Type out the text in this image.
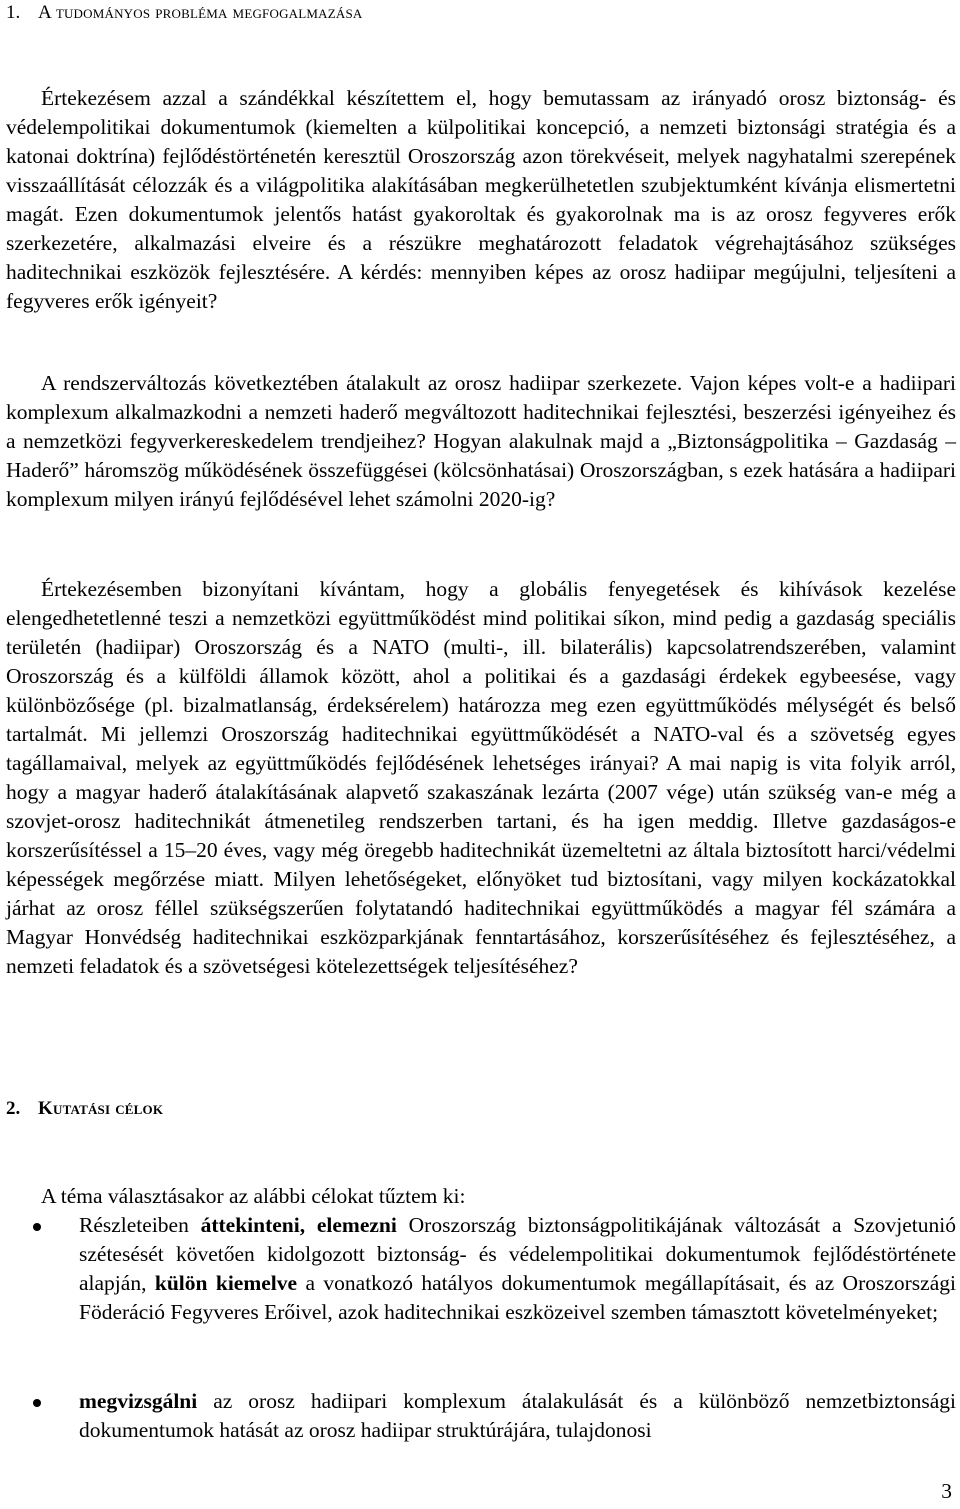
1. A tudományos probléma megfogalmazása

Értekezésem azzal a szándékkal készítettem el, hogy bemutassam az irányadó orosz biztonság- és védelempolitikai dokumentumok (kiemelten a külpolitikai koncepció, a nemzeti biztonsági stratégia és a katonai doktrína) fejlődéstörténetén keresztül Oroszország azon törekvéseit, melyek nagyhatalmi szerepének visszaállítását célozzák és a világpolitika alakításában megkerülhetetlen szubjektumként kívánja elismertetni magát. Ezen dokumentumok jelentős hatást gyakoroltak és gyakorolnak ma is az orosz fegyveres erők szerkezetére, alkalmazási elveire és a részükre meghatározott feladatok végrehajtásához szükséges haditechnikai eszközök fejlesztésére. A kérdés: mennyiben képes az orosz hadiipar megújulni, teljesíteni a fegyveres erők igényeit?

A rendszerváltozás következtében átalakult az orosz hadiipar szerkezete. Vajon képes volt-e a hadiipari komplexum alkalmazkodni a nemzeti haderő megváltozott haditechnikai fejlesztési, beszerzési igényeihez és a nemzetközi fegyverkereskedelem trendjeihez? Hogyan alakulnak majd a „Biztonságpolitika – Gazdaság – Haderő” háromszög működésének összefüggései (kölcsönhatásai) Oroszországban, s ezek hatására a hadiipari komplexum milyen irányú fejlődésével lehet számolni 2020-ig?

Értekezésemben bizonyítani kívántam, hogy a globális fenyegetések és kihívások kezelése elengedhetetlenné teszi a nemzetközi együttműködést mind politikai síkon, mind pedig a gazdaság speciális területén (hadiipar) Oroszország és a NATO (multi-, ill. bilaterális) kapcsolatrendszerében, valamint Oroszország és a külföldi államok között, ahol a politikai és a gazdasági érdekek egybeesése, vagy különbözősége (pl. bizalmatlanság, érdeksérelem) határozza meg ezen együttműködés mélységét és belső tartalmát. Mi jellemzi Oroszország haditechnikai együttműködését a NATO-val és a szövetség egyes tagállamaival, melyek az együttműködés fejlődésének lehetséges irányai? A mai napig is vita folyik arról, hogy a magyar haderő átalakításának alapvető szakaszának lezárta (2007 vége) után szükség van-e még a szovjet-orosz haditechnikát átmenetileg rendszerben tartani, és ha igen meddig. Illetve gazdaságos-e korszerűsítéssel a 15–20 éves, vagy még öregebb haditechnikát üzemeltetni az általa biztosított harci/védelmi képességek megőrzése miatt. Milyen lehetőségeket, előnyöket tud biztosítani, vagy milyen kockázatokkal járhat az orosz féllel szükségszerűen folytatandó haditechnikai együttműködés a magyar fél számára a Magyar Honvédség haditechnikai eszközparkjának fenntartásához, korszerűsítéséhez és fejlesztéséhez, a nemzeti feladatok és a szövetségesi kötelezettségek teljesítéséhez?

2. Kutatási célok

A téma választásakor az alábbi célokat tűztem ki:

Részleteiben áttekinteni, elemezni Oroszország biztonságpolitikájának változását a Szovjetunió szétesését követően kidolgozott biztonság- és védelempolitikai dokumentumok fejlődéstörténete alapján, külön kiemelve a vonatkozó hatályos dokumentumok megállapításait, és az Oroszországi Föderáció Fegyveres Erőivel, azok haditechnikai eszközeivel szemben támasztott követelményeket;

megvizsgálni az orosz hadiipari komplexum átalakulását és a különböző nemzetbiztonsági dokumentumok hatását az orosz hadiipar struktúrájára, tulajdonosi

3
